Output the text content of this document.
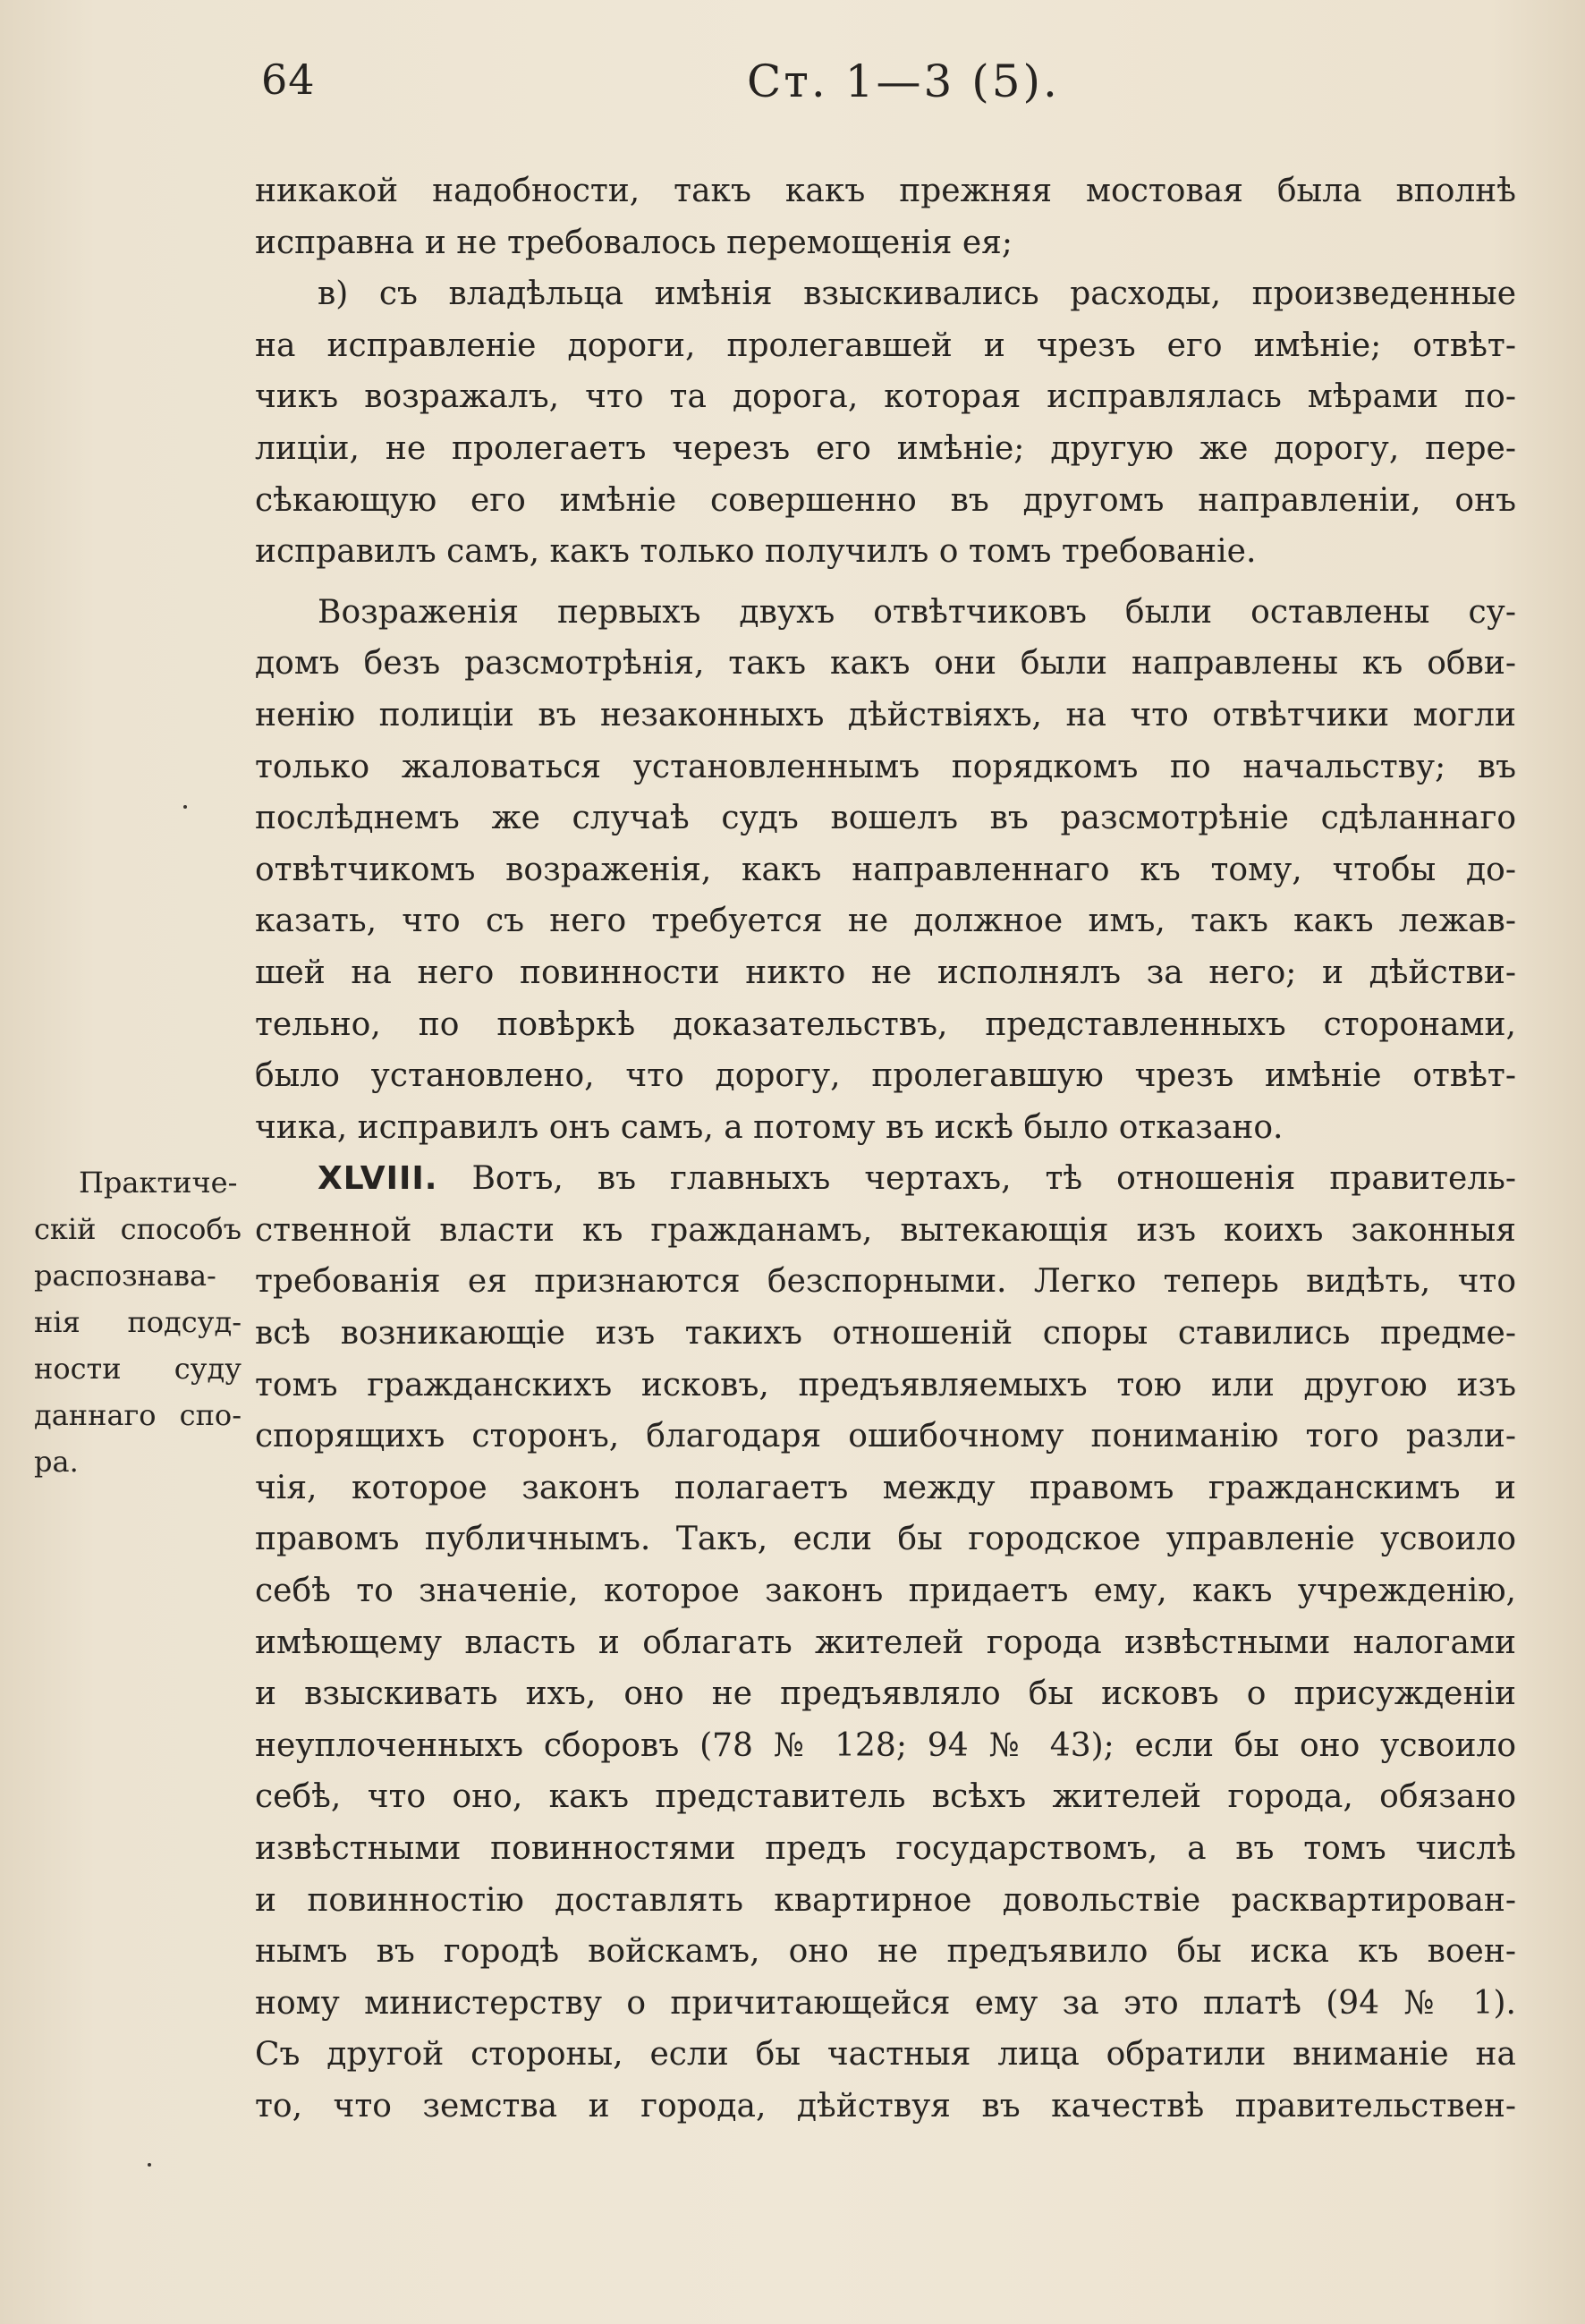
64	Ст. 1—3 (5).
никакой надобности, такъ какъ прежняя мостовая была вполнѣ
исправна и не требовалось перемощенія ея;
в) съ владѣльца имѣнія взыскивались расходы, произведенные
на исправленіе дороги, пролегавшей и чрезъ его имѣніе; отвѣт-
чикъ возражалъ, что та дорога, которая исправлялась мѣрами по-
лиціи, не пролегаетъ черезъ его имѣніе; другую же дорогу, пере-
сѣкающую его имѣніе совершенно въ другомъ направленіи, онъ
исправилъ самъ, какъ только получилъ о томъ требованіе.
Возраженія первыхъ двухъ отвѣтчиковъ были оставлены су-
домъ безъ разсмотрѣнія, такъ какъ они были направлены къ обви-
ненію полиціи въ незаконныхъ дѣйствіяхъ, на что отвѣтчики могли
только жаловаться установленнымъ порядкомъ по начальству; въ
послѣднемъ же случаѣ судъ вошелъ въ разсмотрѣніе сдѣланнаго
отвѣтчикомъ возраженія, какъ направленнаго къ тому, чтобы до-
казать, что съ него требуется не должное имъ, такъ какъ лежав-
шей на него повинности никто не исполнялъ за него; и дѣйстви-
тельно, по повѣркѣ доказательствъ, представленныхъ сторонами,
было установлено, что дорогу, пролегавшую чрезъ имѣніе отвѣт-
чика, исправилъ онъ самъ, а потому въ искѣ было отказано.
XLVIII. Вотъ, въ главныхъ чертахъ, тѣ отношенія правитель-
ственной власти къ гражданамъ, вытекающія изъ коихъ законныя
требованія ея признаются безспорными. Легко теперь видѣть, что
всѣ возникающіе изъ такихъ отношеній споры ставились предме-
томъ гражданскихъ исковъ, предъявляемыхъ тою или другою изъ
спорящихъ сторонъ, благодаря ошибочному пониманію того разли-
чія, которое законъ полагаетъ между правомъ гражданскимъ и
правомъ публичнымъ. Такъ, если бы городское управленіе усвоило
себѣ то значеніе, которое законъ придаетъ ему, какъ учрежденію,
имѣющему власть и облагать жителей города извѣстными налогами
и взыскивать ихъ, оно не предъявляло бы исковъ о присужденіи
неуплоченныхъ сборовъ (78 № 128; 94 № 43); если бы оно усвоило
себѣ, что оно, какъ представитель всѣхъ жителей города, обязано
извѣстными повинностями предъ государствомъ, а въ томъ числѣ
и повинностію доставлять квартирное довольствіе расквартирован-
нымъ въ городѣ войскамъ, оно не предъявило бы иска къ воен-
ному министерству о причитающейся ему за это платѣ (94 № 1).
Съ другой стороны, если бы частныя лица обратили вниманіе на
то, что земства и города, дѣйствуя въ качествѣ правительствен-
Практиче-
скій способъ
распознава-
нія подсуд-
ности суду
даннаго спо-
ра.
